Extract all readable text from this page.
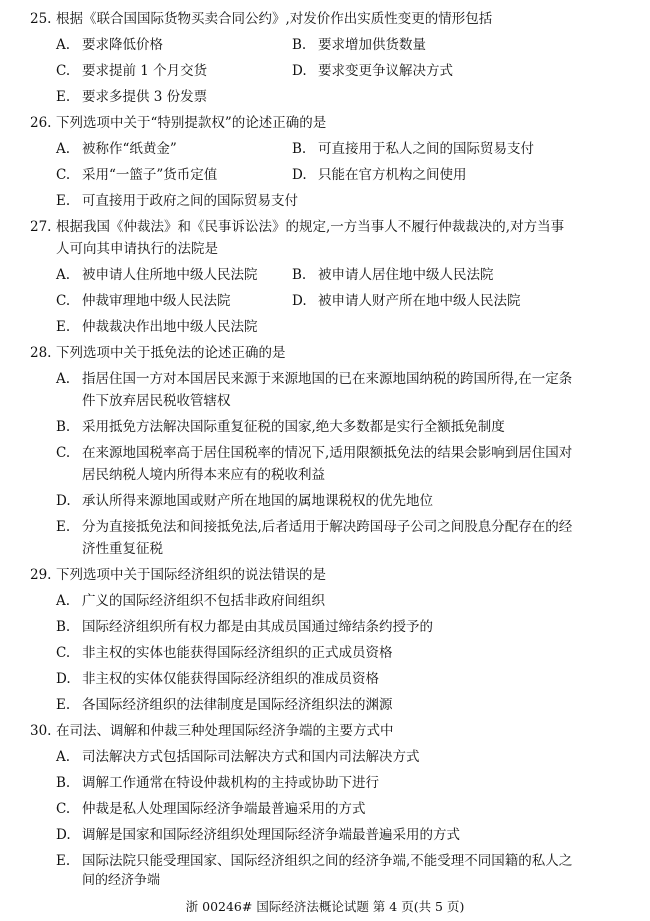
25. 根据《联合国国际货物买卖合同公约》,对发价作出实质性变更的情形包括
A. 要求降低价格	B. 要求增加供货数量
C. 要求提前 1 个月交货	D. 要求变更争议解决方式
E. 要求多提供 3 份发票
26. 下列选项中关于“特别提款权”的论述正确的是
A. 被称作“纸黄金”	B. 可直接用于私人之间的国际贸易支付
C. 采用“一篮子”货币定值	D. 只能在官方机构之间使用
E. 可直接用于政府之间的国际贸易支付
27. 根据我国《仲裁法》和《民事诉讼法》的规定,一方当事人不履行仲裁裁决的,对方当事
人可向其申请执行的法院是
A. 被申请人住所地中级人民法院	B. 被申请人居住地中级人民法院
C. 仲裁审理地中级人民法院	D. 被申请人财产所在地中级人民法院
E. 仲裁裁决作出地中级人民法院
28. 下列选项中关于抵免法的论述正确的是
A. 指居住国一方对本国居民来源于来源地国的已在来源地国纳税的跨国所得,在一定条
件下放弃居民税收管辖权
B. 采用抵免方法解决国际重复征税的国家,绝大多数都是实行全额抵免制度
C. 在来源地国税率高于居住国税率的情况下,适用限额抵免法的结果会影响到居住国对
居民纳税人境内所得本来应有的税收利益
D. 承认所得来源地国或财产所在地国的属地课税权的优先地位
E. 分为直接抵免法和间接抵免法,后者适用于解决跨国母子公司之间股息分配存在的经
济性重复征税
29. 下列选项中关于国际经济组织的说法错误的是
A. 广义的国际经济组织不包括非政府间组织
B. 国际经济组织所有权力都是由其成员国通过缔结条约授予的
C. 非主权的实体也能获得国际经济组织的正式成员资格
D. 非主权的实体仅能获得国际经济组织的准成员资格
E. 各国际经济组织的法律制度是国际经济组织法的渊源
30. 在司法、调解和仲裁三种处理国际经济争端的主要方式中
A. 司法解决方式包括国际司法解决方式和国内司法解决方式
B. 调解工作通常在特设仲裁机构的主持或协助下进行
C. 仲裁是私人处理国际经济争端最普遍采用的方式
D. 调解是国家和国际经济组织处理国际经济争端最普遍采用的方式
E. 国际法院只能受理国家、国际经济组织之间的经济争端,不能受理不同国籍的私人之
间的经济争端
浙 00246# 国际经济法概论试题 第 4 页(共 5 页)
